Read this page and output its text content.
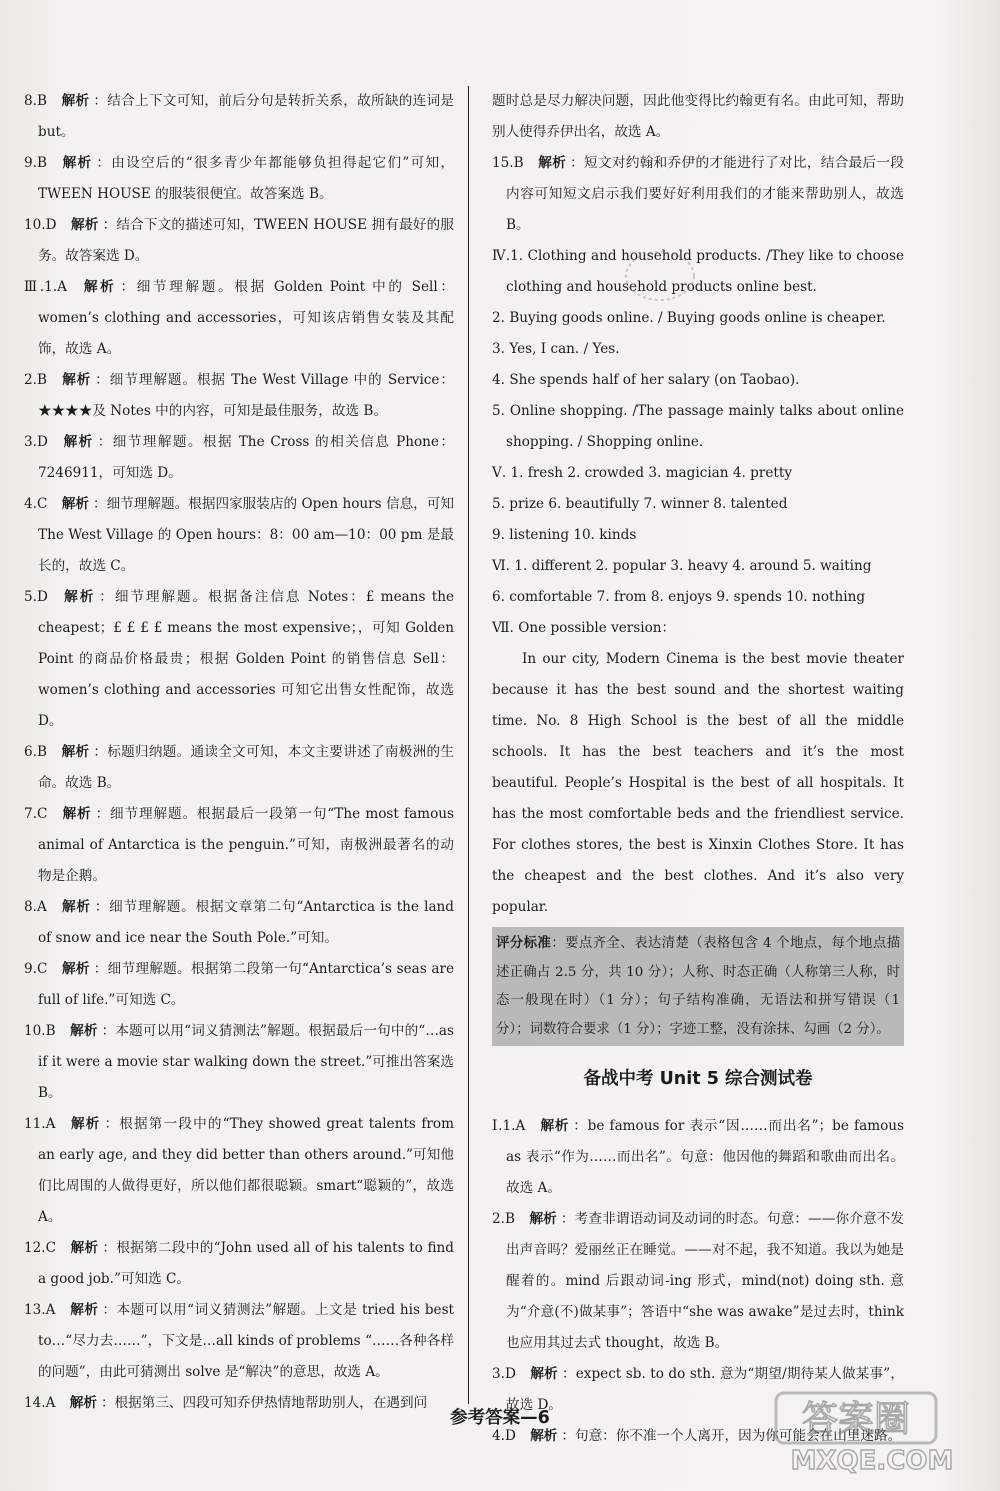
8.B 解析 ：结合上下文可知，前后分句是转折关系，故所缺的连词是 but。
9.B 解析 ：由设空后的“很多青少年都能够负担得起它们”可知，TWEEN HOUSE 的服装很便宜。故答案选 B。
10.D 解析 ：结合下文的描述可知，TWEEN HOUSE 拥有最好的服务。故答案选 D。
Ⅲ.1.A 解析 ：细节理解题。根据 Golden Point 中的 Sell：women’s clothing and accessories，可知该店销售女装及其配饰，故选 A。
2.B 解析 ：细节理解题。根据 The West Village 中的 Service：★★★★及 Notes 中的内容，可知是最佳服务，故选 B。
3.D 解析 ：细节理解题。根据 The Cross 的相关信息 Phone：7246911，可知选 D。
4.C 解析 ：细节理解题。根据四家服装店的 Open hours 信息，可知 The West Village 的 Open hours：8：00 am—10：00 pm 是最长的，故选 C。
5.D 解析 ：细节理解题。根据备注信息 Notes：£ means the cheapest；£ £ £ £ means the most expensive；，可知 Golden Point 的商品价格最贵；根据 Golden Point 的销售信息 Sell：women’s clothing and accessories 可知它出售女性配饰，故选 D。
6.B 解析 ：标题归纳题。通读全文可知，本文主要讲述了南极洲的生命。故选 B。
7.C 解析 ：细节理解题。根据最后一段第一句“The most famous animal of Antarctica is the penguin.”可知，南极洲最著名的动物是企鹅。
8.A 解析 ：细节理解题。根据文章第二句“Antarctica is the land of snow and ice near the South Pole.”可知。
9.C 解析 ：细节理解题。根据第二段第一句“Antarctica’s seas are full of life.”可知选 C。
10.B 解析 ：本题可以用“词义猜测法”解题。根据最后一句中的“…as if it were a movie star walking down the street.”可推出答案选 B。
11.A 解析 ：根据第一段中的“They showed great talents from an early age, and they did better than others around.”可知他们比周围的人做得更好，所以他们都很聪颖。smart“聪颖的”，故选 A。
12.C 解析 ：根据第二段中的“John used all of his talents to find a good job.”可知选 C。
13.A 解析 ：本题可以用“词义猜测法”解题。上文是 tried his best to…“尽力去……”，下文是…all kinds of problems “……各种各样的问题”，由此可猜测出 solve 是“解决”的意思，故选 A。
14.A 解析 ：根据第三、四段可知乔伊热情地帮助别人，在遇到问
题时总是尽力解决问题，因此他变得比约翰更有名。由此可知，帮助别人使得乔伊出名，故选 A。
15.B 解析 ：短文对约翰和乔伊的才能进行了对比，结合最后一段内容可知短文启示我们要好好利用我们的才能来帮助别人，故选 B。
Ⅳ.1. Clothing and household products. /They like to choose clothing and household products online best.
2. Buying goods online. / Buying goods online is cheaper.
3. Yes, I can. / Yes.
4. She spends half of her salary (on Taobao).
5. Online shopping. /The passage mainly talks about online shopping. / Shopping online.
Ⅴ. 1. fresh 2. crowded 3. magician 4. pretty
5. prize 6. beautifully 7. winner 8. talented
9. listening 10. kinds
Ⅵ. 1. different 2. popular 3. heavy 4. around 5. waiting
6. comfortable 7. from 8. enjoys 9. spends 10. nothing
Ⅶ. One possible version：
In our city, Modern Cinema is the best movie theater because it has the best sound and the shortest waiting time. No. 8 High School is the best of all the middle schools. It has the best teachers and it’s the most beautiful. People’s Hospital is the best of all hospitals. It has the most comfortable beds and the friendliest service. For clothes stores, the best is Xinxin Clothes Store. It has the cheapest and the best clothes. And it’s also very popular.
评分标准：要点齐全、表达清楚（表格包含 4 个地点，每个地点描述正确占 2.5 分，共 10 分）；人称、时态正确（人称第三人称，时态一般现在时）（1 分）；句子结构准确，无语法和拼写错误（1 分）；词数符合要求（1 分）；字迹工整，没有涂抹、勾画（2 分）。
备战中考 Unit 5 综合测试卷
Ⅰ.1.A 解析 ：be famous for 表示“因……而出名”；be famous as 表示“作为……而出名”。句意：他因他的舞蹈和歌曲而出名。故选 A。
2.B 解析 ：考查非谓语动词及动词的时态。句意：——你介意不发出声音吗？爱丽丝正在睡觉。——对不起，我不知道。我以为她是醒着的。mind 后跟动词-ing 形式，mind(not) doing sth. 意为“介意(不)做某事”；答语中“she was awake”是过去时，think 也应用其过去式 thought，故选 B。
3.D 解析 ：expect sb. to do sth. 意为“期望/期待某人做某事”，故选 D。
4.D 解析 ：句意：你不准一个人离开，因为你可能会在山里迷路。
参考答案—6	答案圈
MXQE.COM
